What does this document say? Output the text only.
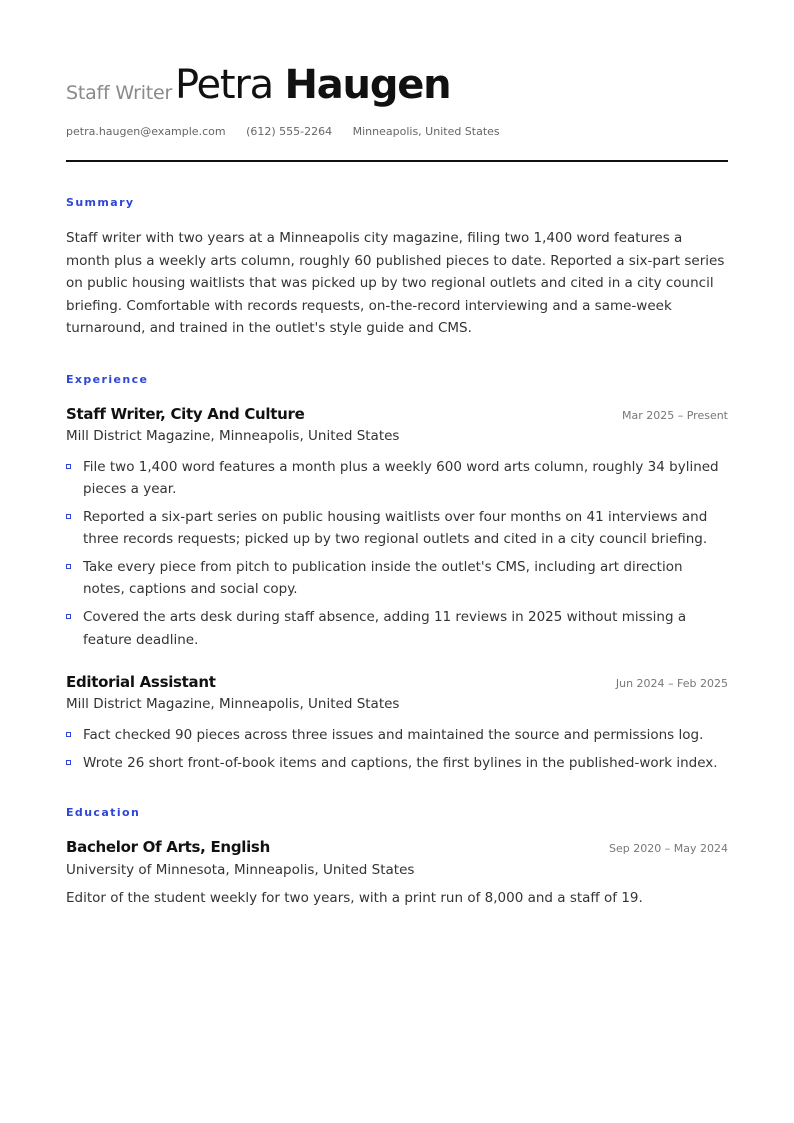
Staff Writer Petra Haugen
petra.haugen@example.com (612) 555-2264 Minneapolis, United States
Summary
Staff writer with two years at a Minneapolis city magazine, filing two 1,400 word features a month plus a weekly arts column, roughly 60 published pieces to date. Reported a six-part series on public housing waitlists that was picked up by two regional outlets and cited in a city council briefing. Comfortable with records requests, on-the-record interviewing and a same-week turnaround, and trained in the outlet's style guide and CMS.
Experience
Staff Writer, City And Culture	Mar 2025 – Present
Mill District Magazine, Minneapolis, United States
File two 1,400 word features a month plus a weekly 600 word arts column, roughly 34 bylined pieces a year.
Reported a six-part series on public housing waitlists over four months on 41 interviews and three records requests; picked up by two regional outlets and cited in a city council briefing.
Take every piece from pitch to publication inside the outlet's CMS, including art direction notes, captions and social copy.
Covered the arts desk during staff absence, adding 11 reviews in 2025 without missing a feature deadline.
Editorial Assistant	Jun 2024 – Feb 2025
Mill District Magazine, Minneapolis, United States
Fact checked 90 pieces across three issues and maintained the source and permissions log.
Wrote 26 short front-of-book items and captions, the first bylines in the published-work index.
Education
Bachelor Of Arts, English	Sep 2020 – May 2024
University of Minnesota, Minneapolis, United States
Editor of the student weekly for two years, with a print run of 8,000 and a staff of 19.
